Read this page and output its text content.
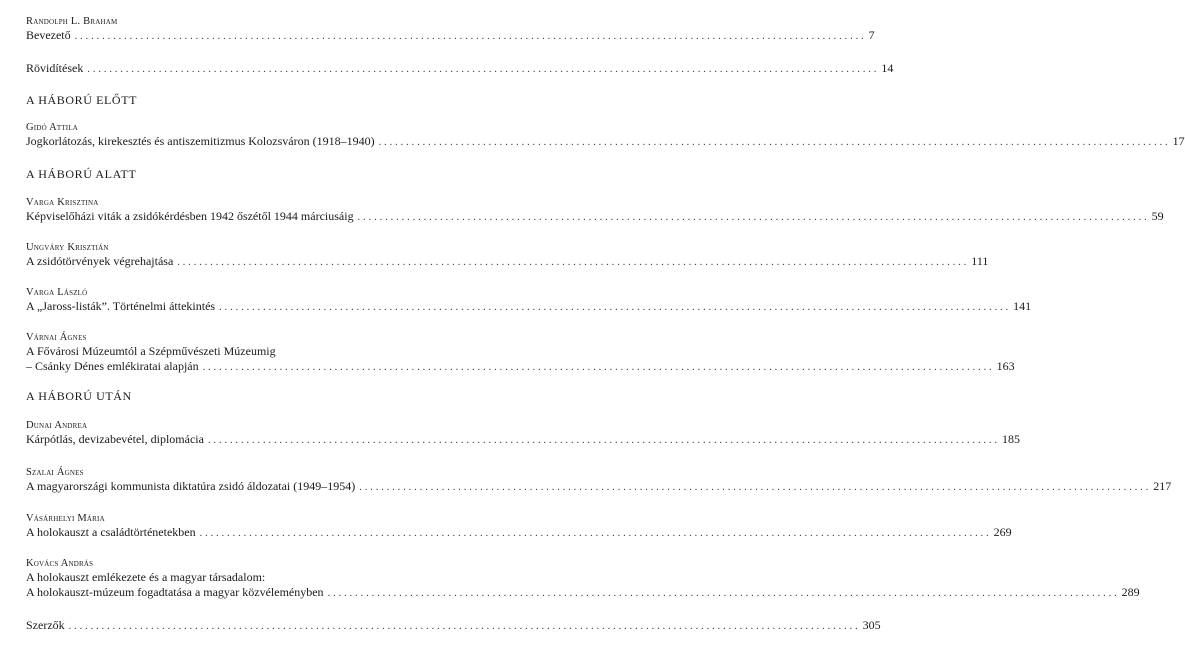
Randolph L. Braham
Bevezető ................................................................................................................................................ 7
Rövidítések ................................................................................................................................................ 14
A HÁBORÚ ELŐTT
Gidó Attila
Jogkorlátozás, kirekesztés és antiszemitizmus Kolozsváron (1918–1940) ................................................................................................................................................ 17
A HÁBORÚ ALATT
Varga Krisztina
Képviselőházi viták a zsidókérdésben 1942 őszétől 1944 márciusáig ................................................................................................................................................ 59
Ungváry Krisztián
A zsidótörvények végrehajtása ................................................................................................................................................ 111
Varga László
A „Jaross-listák”. Történelmi áttekintés ................................................................................................................................................ 141
Várnai Ágnes
A Fővárosi Múzeumtól a Szépművészeti Múzeumig
– Csánky Dénes emlékiratai alapján ................................................................................................................................................ 163
A HÁBORÚ UTÁN
Dunai Andrea
Kárpótlás, devizabevétel, diplomácia ................................................................................................................................................ 185
Szalai Ágnes
A magyarországi kommunista diktatúra zsidó áldozatai (1949–1954) ................................................................................................................................................ 217
Vásárhelyi Mária
A holokauszt a családtörténetekben ................................................................................................................................................ 269
Kovács András
A holokauszt emlékezete és a magyar társadalom:
A holokauszt-múzeum fogadtatása a magyar közvéleményben ................................................................................................................................................ 289
Szerzők ................................................................................................................................................ 305
